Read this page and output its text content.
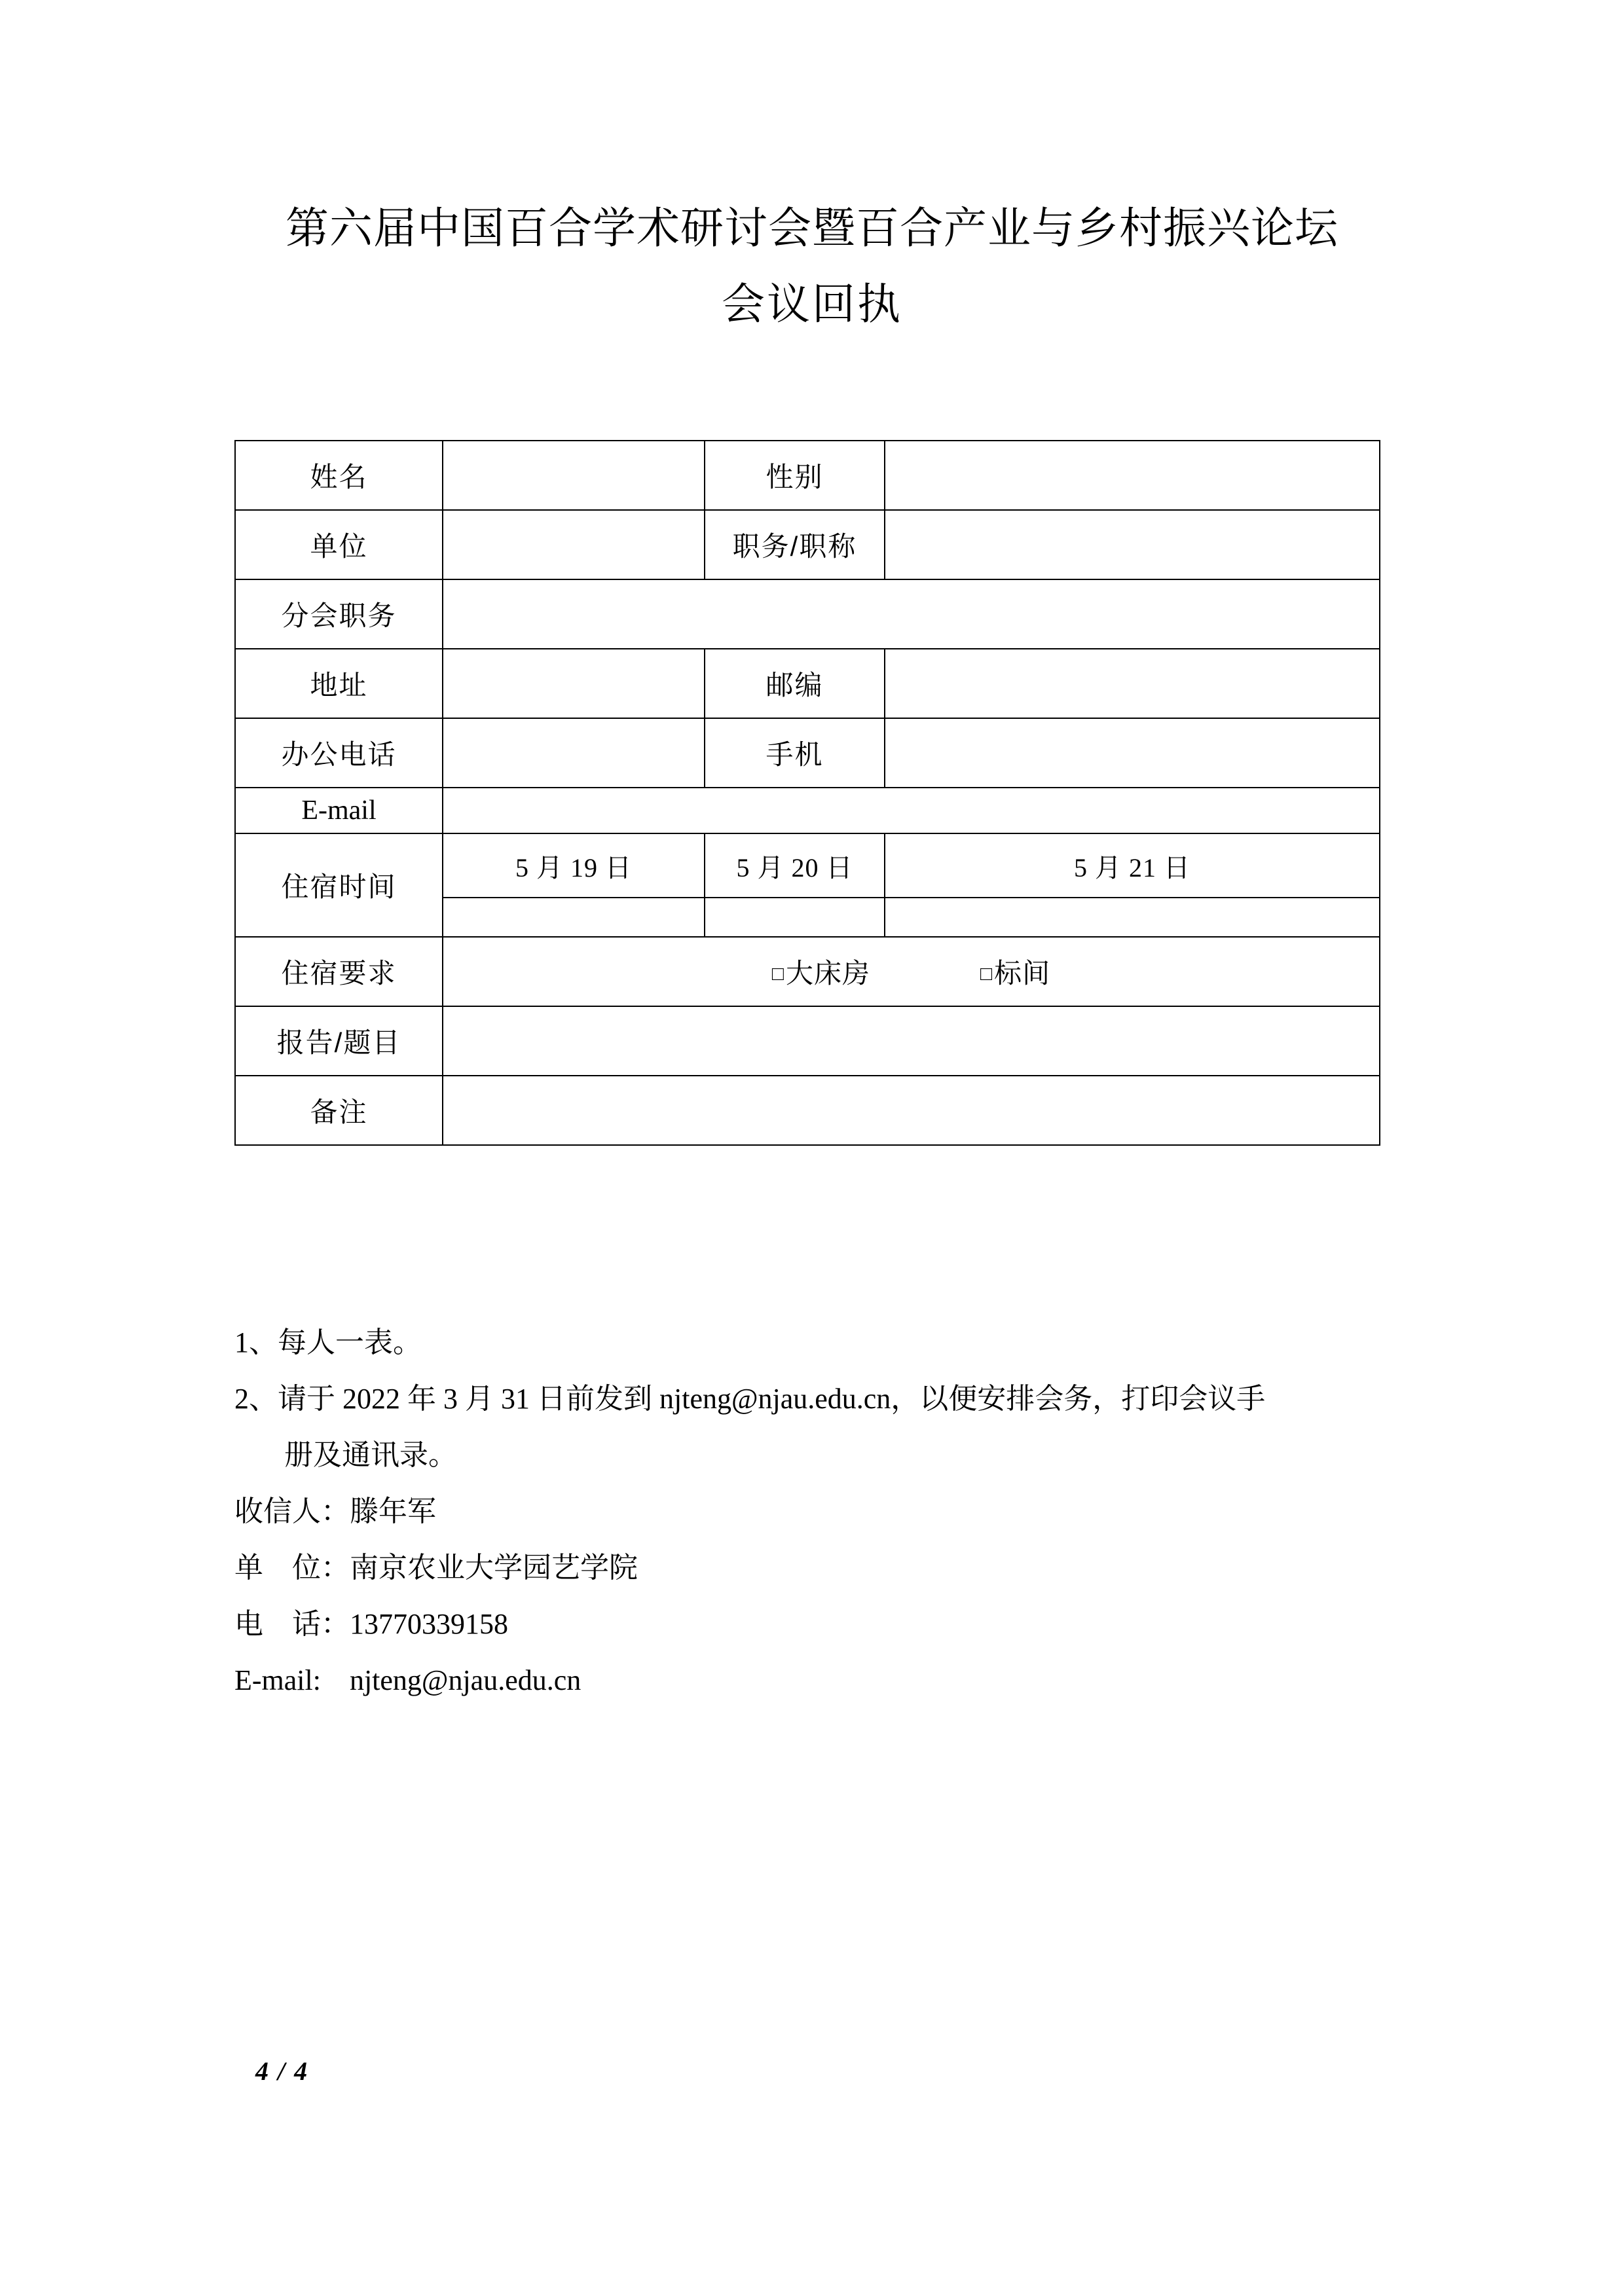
第六届中国百合学术研讨会暨百合产业与乡村振兴论坛
会议回执
姓名		性别	
单位		职务/职称	
分会职务			
地址		邮编	
办公电话		手机	
E-mail			
住宿时间	5 月 19 日	5 月 20 日	5 月 21 日

住宿要求	□大床房 □标间		

报告/题目			
备注			
1、 每人一表。
2、 请于 2022 年 3 月 31 日前发到 njteng@njau.edu.cn，以便安排会务，打印会议手
册及通讯录。
收信人：滕年军
单　位：南京农业大学园艺学院
电　话：13770339158
E-mail:　njteng@njau.edu.cn
4 / 4
